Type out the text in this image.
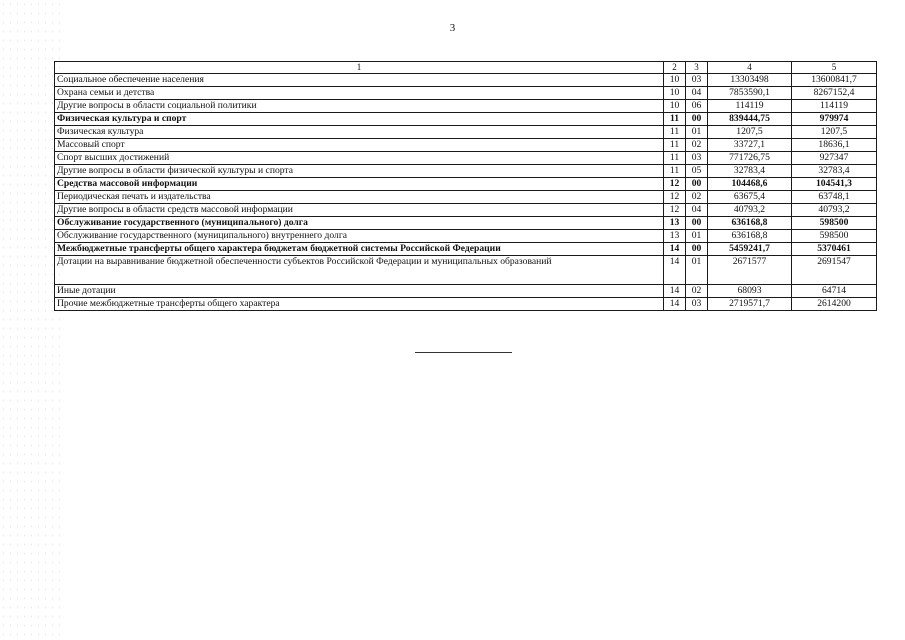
3
1	2	3	4	5
Социальное обеспечение населения	10	03	13303498	13600841,7
Охрана семьи и детства	10	04	7853590,1	8267152,4
Другие вопросы в области социальной политики	10	06	114119	114119
Физическая культура и спорт	11	00	839444,75	979974
Физическая культура	11	01	1207,5	1207,5
Массовый спорт	11	02	33727,1	18636,1
Спорт высших достижений	11	03	771726,75	927347
Другие вопросы в области физической культуры и спорта	11	05	32783,4	32783,4
Средства массовой информации	12	00	104468,6	104541,3
Периодическая печать и издательства	12	02	63675,4	63748,1
Другие вопросы в области средств массовой информации	12	04	40793,2	40793,2
Обслуживание государственного (муниципального) долга	13	00	636168,8	598500
Обслуживание государственного (муниципального) внутреннего долга	13	01	636168,8	598500
Межбюджетные трансферты общего характера бюджетам бюджетной системы Российской Федерации	14	00	5459241,7	5370461
Дотации на выравнивание бюджетной обеспеченности субъектов Российской Федерации и муниципальных образований	14	01	2671577	2691547
Иные дотации	14	02	68093	64714
Прочие межбюджетные трансферты общего характера	14	03	2719571,7	2614200
